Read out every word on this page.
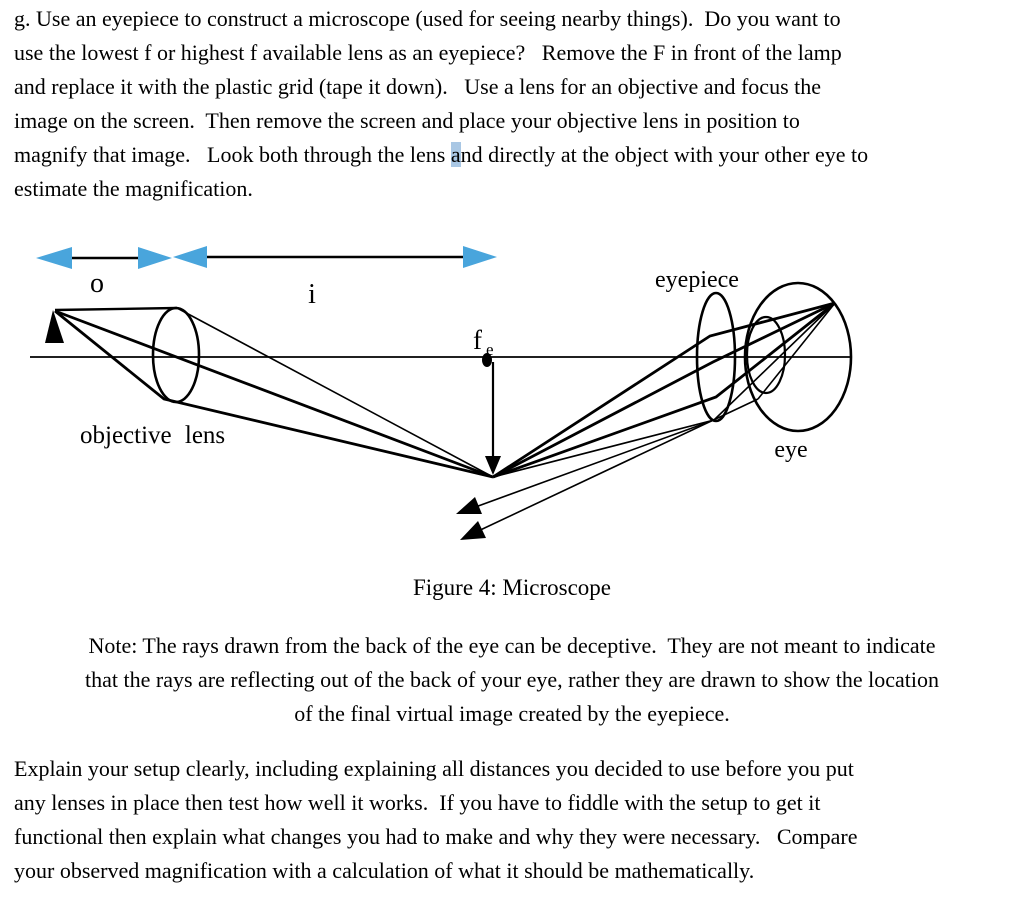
g. Use an eyepiece to construct a microscope (used for seeing nearby things).  Do you want to
use the lowest f or highest f available lens as an eyepiece?   Remove the F in front of the lamp
and replace it with the plastic grid (tape it down).   Use a lens for an objective and focus the
image on the screen.  Then remove the screen and place your objective lens in position to
magnify that image.   Look both through the lens and directly at the object with your other eye to
estimate the magnification.
o	i
objective lens
f e
eyepiece
eye
Figure 4: Microscope
Note: The rays drawn from the back of the eye can be deceptive.  They are not meant to indicate
that the rays are reflecting out of the back of your eye, rather they are drawn to show the location
of the final virtual image created by the eyepiece.
Explain your setup clearly, including explaining all distances you decided to use before you put
any lenses in place then test how well it works.  If you have to fiddle with the setup to get it
functional then explain what changes you had to make and why they were necessary.   Compare
your observed magnification with a calculation of what it should be mathematically.
